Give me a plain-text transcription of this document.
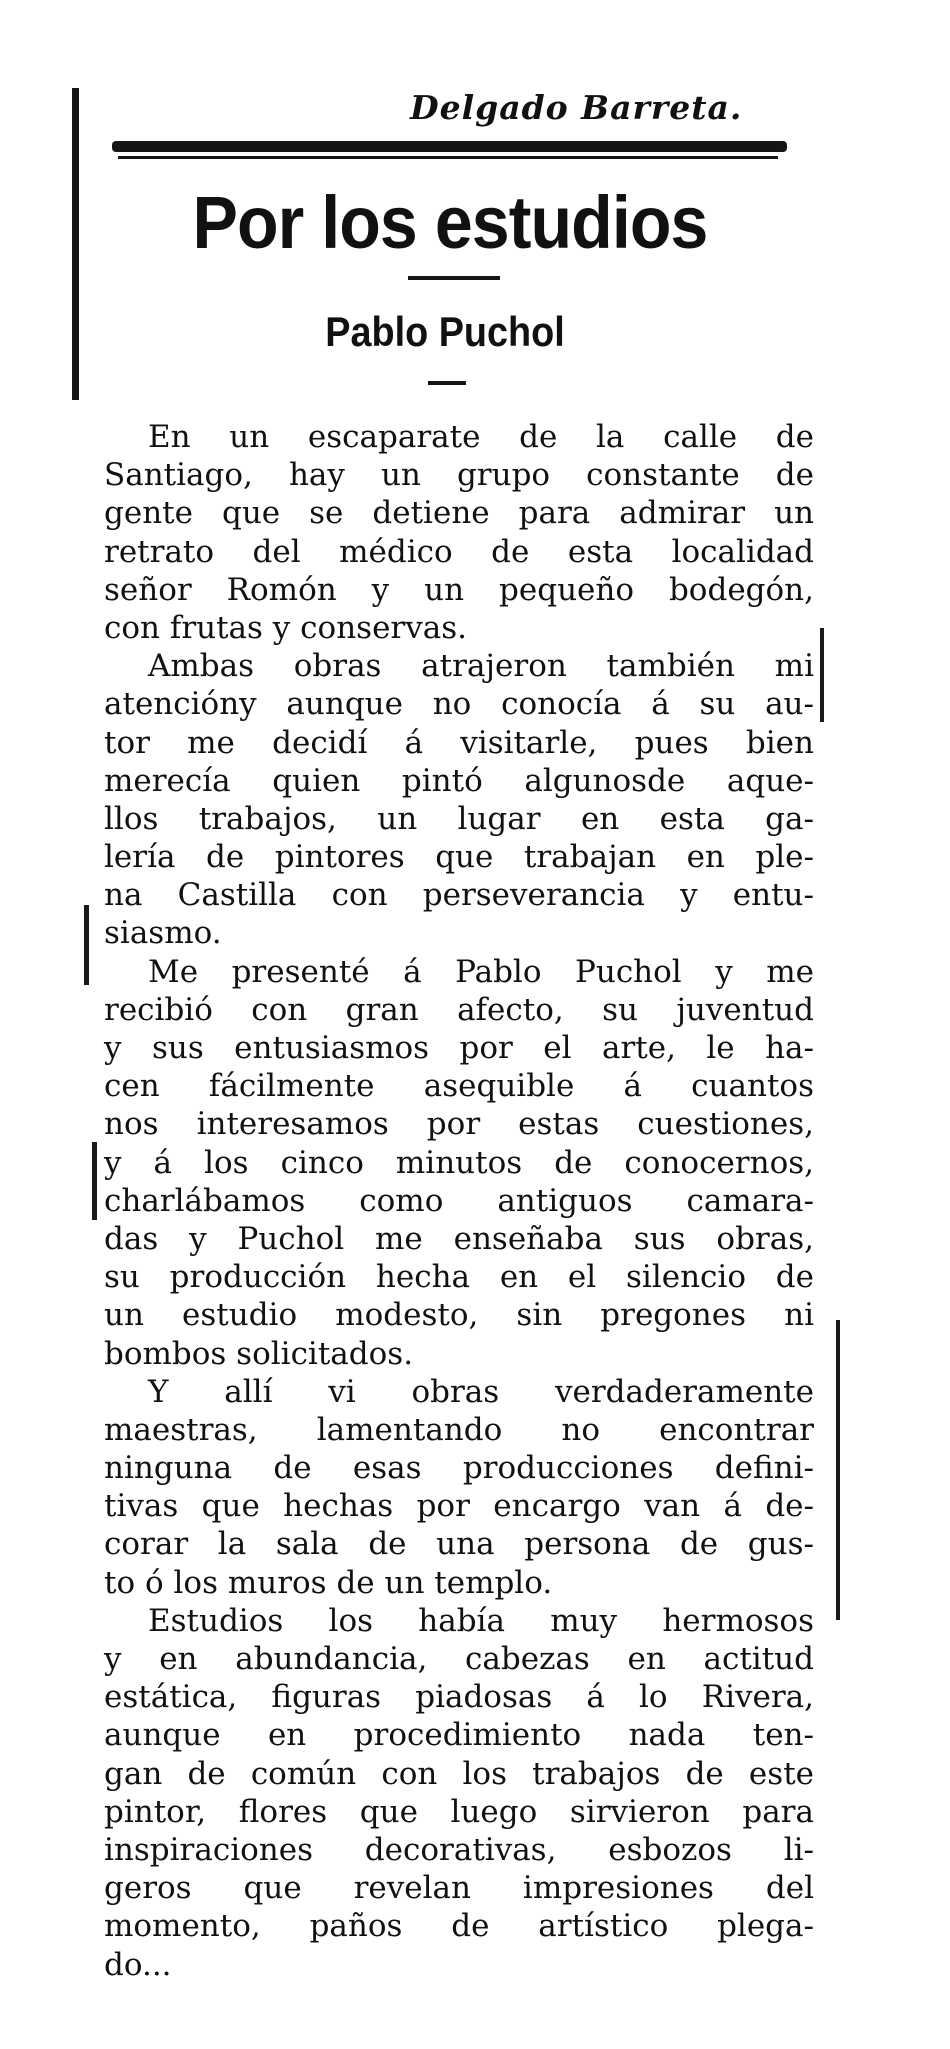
Delgado Barreta.
Por los estudios
Pablo Puchol
En un escaparate de la calle de
Santiago, hay un grupo constante de
gente que se detiene para admirar un
retrato del médico de esta localidad
señor Romón y un pequeño bodegón,
con frutas y conservas.
Ambas obras atrajeron también mi
atencióny aunque no conocía á su au-
tor me decidí á visitarle, pues bien
merecía quien pintó algunosde aque-
llos trabajos, un lugar en esta ga-
lería de pintores que trabajan en ple-
na Castilla con perseverancia y entu-
siasmo.
Me presenté á Pablo Puchol y me
recibió con gran afecto, su juventud
y sus entusiasmos por el arte, le ha-
cen fácilmente asequible á cuantos
nos interesamos por estas cuestiones,
y á los cinco minutos de conocernos,
charlábamos como antiguos camara-
das y Puchol me enseñaba sus obras,
su producción hecha en el silencio de
un estudio modesto, sin pregones ni
bombos solicitados.
Y allí vi obras verdaderamente
maestras, lamentando no encontrar
ninguna de esas producciones defini-
tivas que hechas por encargo van á de-
corar la sala de una persona de gus-
to ó los muros de un templo.
Estudios los había muy hermosos
y en abundancia, cabezas en actitud
estática, figuras piadosas á lo Rivera,
aunque en procedimiento nada ten-
gan de común con los trabajos de este
pintor, flores que luego sirvieron para
inspiraciones decorativas, esbozos li-
geros que revelan impresiones del
momento, paños de artístico plega-
do...
